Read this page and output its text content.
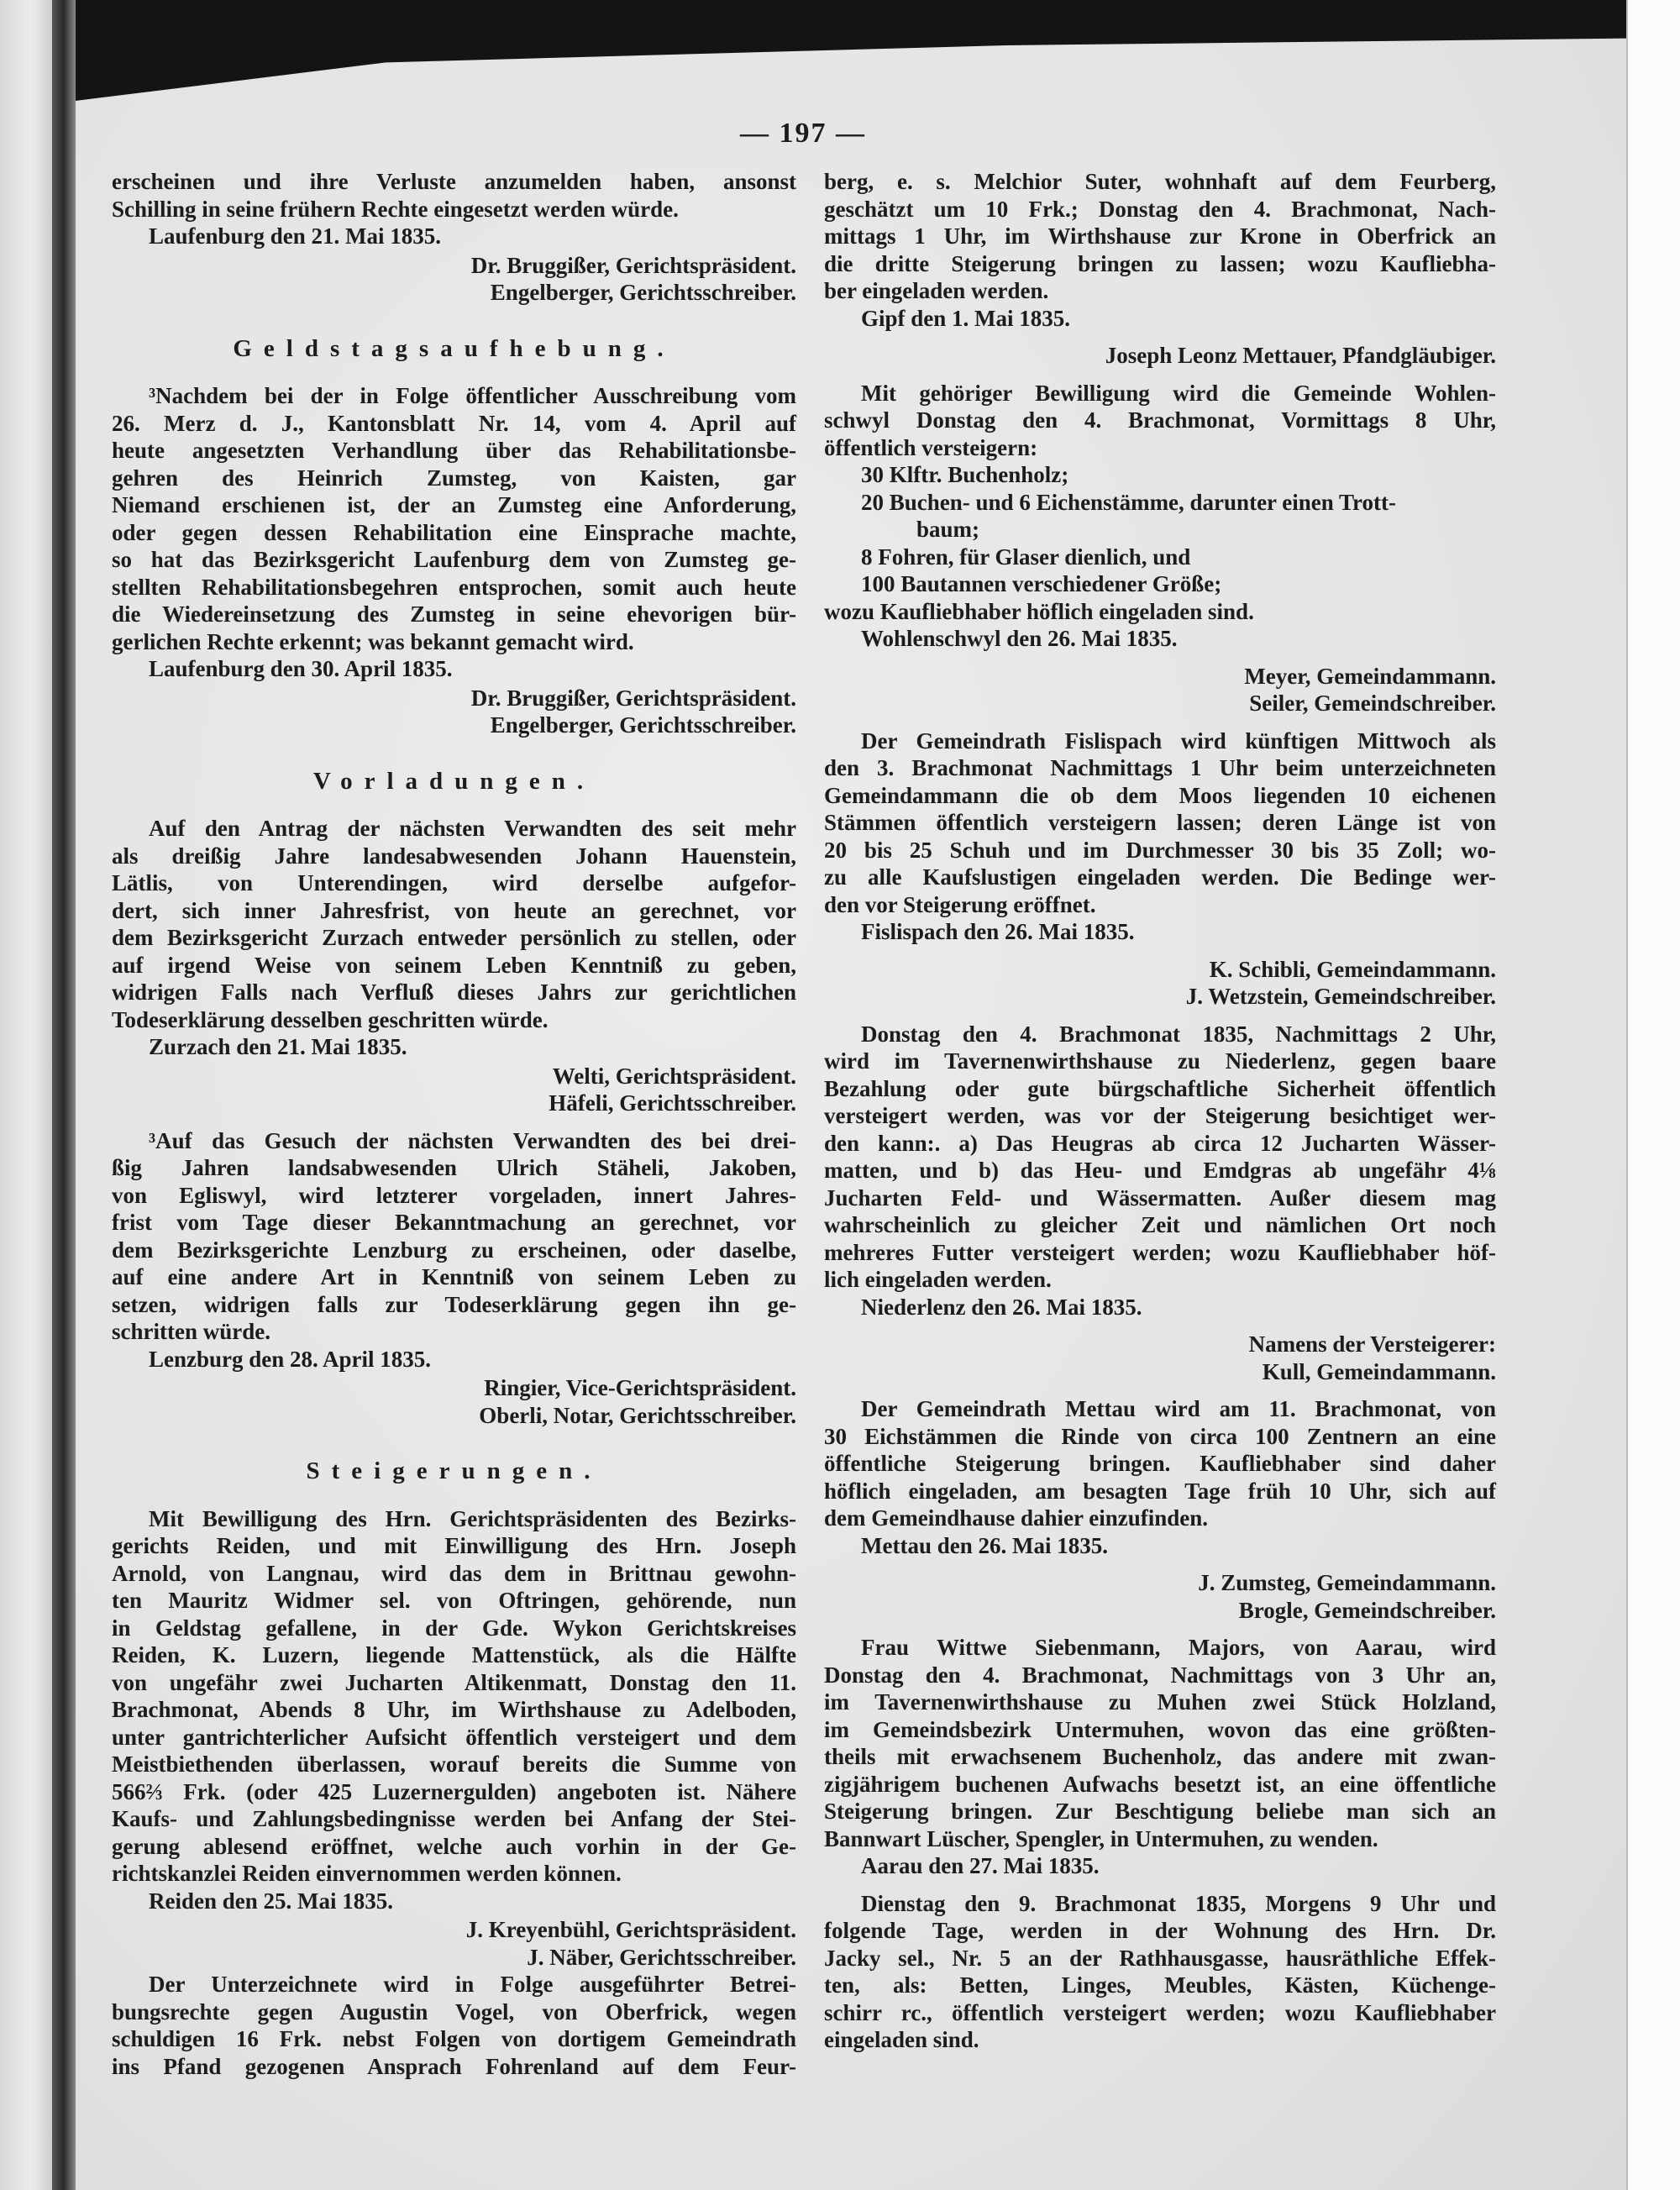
— 197 —
erscheinen und ihre Verluste anzumelden haben, ansonst
Schilling in seine frühern Rechte eingesetzt werden würde.
Laufenburg den 21. Mai 1835.
Dr. Bruggißer, Gerichtspräsident.
Engelberger, Gerichtsschreiber.
Geldstagsaufhebung.
³Nachdem bei der in Folge öffentlicher Ausschreibung vom
26. Merz d. J., Kantonsblatt Nr. 14, vom 4. April auf
heute angesetzten Verhandlung über das Rehabilitationsbe-
gehren des Heinrich Zumsteg, von Kaisten, gar
Niemand erschienen ist, der an Zumsteg eine Anforderung,
oder gegen dessen Rehabilitation eine Einsprache machte,
so hat das Bezirksgericht Laufenburg dem von Zumsteg ge-
stellten Rehabilitationsbegehren entsprochen, somit auch heute
die Wiedereinsetzung des Zumsteg in seine ehevorigen bür-
gerlichen Rechte erkennt; was bekannt gemacht wird.
Laufenburg den 30. April 1835.
Dr. Bruggißer, Gerichtspräsident.
Engelberger, Gerichtsschreiber.
Vorladungen.
Auf den Antrag der nächsten Verwandten des seit mehr
als dreißig Jahre landesabwesenden Johann Hauenstein,
Lätlis, von Unterendingen, wird derselbe aufgefor-
dert, sich inner Jahresfrist, von heute an gerechnet, vor
dem Bezirksgericht Zurzach entweder persönlich zu stellen, oder
auf irgend Weise von seinem Leben Kenntniß zu geben,
widrigen Falls nach Verfluß dieses Jahrs zur gerichtlichen
Todeserklärung desselben geschritten würde.
Zurzach den 21. Mai 1835.
Welti, Gerichtspräsident.
Häfeli, Gerichtsschreiber.
³Auf das Gesuch der nächsten Verwandten des bei drei-
ßig Jahren landsabwesenden Ulrich Stäheli, Jakoben,
von Egliswyl, wird letzterer vorgeladen, innert Jahres-
frist vom Tage dieser Bekanntmachung an gerechnet, vor
dem Bezirksgerichte Lenzburg zu erscheinen, oder daselbe,
auf eine andere Art in Kenntniß von seinem Leben zu
setzen, widrigen falls zur Todeserklärung gegen ihn ge-
schritten würde.
Lenzburg den 28. April 1835.
Ringier, Vice-Gerichtspräsident.
Oberli, Notar, Gerichtsschreiber.
Steigerungen.
Mit Bewilligung des Hrn. Gerichtspräsidenten des Bezirks-
gerichts Reiden, und mit Einwilligung des Hrn. Joseph
Arnold, von Langnau, wird das dem in Brittnau gewohn-
ten Mauritz Widmer sel. von Oftringen, gehörende, nun
in Geldstag gefallene, in der Gde. Wykon Gerichtskreises
Reiden, K. Luzern, liegende Mattenstück, als die Hälfte
von ungefähr zwei Jucharten Altikenmatt, Donstag den 11.
Brachmonat, Abends 8 Uhr, im Wirthshause zu Adelboden,
unter gantrichterlicher Aufsicht öffentlich versteigert und dem
Meistbiethenden überlassen, worauf bereits die Summe von
566⅔ Frk. (oder 425 Luzernergulden) angeboten ist. Nähere
Kaufs- und Zahlungsbedingnisse werden bei Anfang der Stei-
gerung ablesend eröffnet, welche auch vorhin in der Ge-
richtskanzlei Reiden einvernommen werden können.
Reiden den 25. Mai 1835.
J. Kreyenbühl, Gerichtspräsident.
J. Näber, Gerichtsschreiber.
Der Unterzeichnete wird in Folge ausgeführter Betrei-
bungsrechte gegen Augustin Vogel, von Oberfrick, wegen
schuldigen 16 Frk. nebst Folgen von dortigem Gemeindrath
ins Pfand gezogenen Ansprach Fohrenland auf dem Feur-
berg, e. s. Melchior Suter, wohnhaft auf dem Feurberg,
geschätzt um 10 Frk.; Donstag den 4. Brachmonat, Nach-
mittags 1 Uhr, im Wirthshause zur Krone in Oberfrick an
die dritte Steigerung bringen zu lassen; wozu Kaufliebha-
ber eingeladen werden.
Gipf den 1. Mai 1835.
Joseph Leonz Mettauer, Pfandgläubiger.
Mit gehöriger Bewilligung wird die Gemeinde Wohlen-
schwyl Donstag den 4. Brachmonat, Vormittags 8 Uhr,
öffentlich versteigern:
30 Klftr. Buchenholz;
20 Buchen- und 6 Eichenstämme, darunter einen Trott-
baum;
8 Fohren, für Glaser dienlich, und
100 Bautannen verschiedener Größe;
wozu Kaufliebhaber höflich eingeladen sind.
Wohlenschwyl den 26. Mai 1835.
Meyer, Gemeindammann.
Seiler, Gemeindschreiber.
Der Gemeindrath Fislispach wird künftigen Mittwoch als
den 3. Brachmonat Nachmittags 1 Uhr beim unterzeichneten
Gemeindammann die ob dem Moos liegenden 10 eichenen
Stämmen öffentlich versteigern lassen; deren Länge ist von
20 bis 25 Schuh und im Durchmesser 30 bis 35 Zoll; wo-
zu alle Kaufslustigen eingeladen werden. Die Bedinge wer-
den vor Steigerung eröffnet.
Fislispach den 26. Mai 1835.
K. Schibli, Gemeindammann.
J. Wetzstein, Gemeindschreiber.
Donstag den 4. Brachmonat 1835, Nachmittags 2 Uhr,
wird im Tavernenwirthshause zu Niederlenz, gegen baare
Bezahlung oder gute bürgschaftliche Sicherheit öffentlich
versteigert werden, was vor der Steigerung besichtiget wer-
den kann:. a) Das Heugras ab circa 12 Jucharten Wässer-
matten, und b) das Heu- und Emdgras ab ungefähr 4⅛
Jucharten Feld- und Wässermatten. Außer diesem mag
wahrscheinlich zu gleicher Zeit und nämlichen Ort noch
mehreres Futter versteigert werden; wozu Kaufliebhaber höf-
lich eingeladen werden.
Niederlenz den 26. Mai 1835.
Namens der Versteigerer:
Kull, Gemeindammann.
Der Gemeindrath Mettau wird am 11. Brachmonat, von
30 Eichstämmen die Rinde von circa 100 Zentnern an eine
öffentliche Steigerung bringen. Kaufliebhaber sind daher
höflich eingeladen, am besagten Tage früh 10 Uhr, sich auf
dem Gemeindhause dahier einzufinden.
Mettau den 26. Mai 1835.
J. Zumsteg, Gemeindammann.
Brogle, Gemeindschreiber.
Frau Wittwe Siebenmann, Majors, von Aarau, wird
Donstag den 4. Brachmonat, Nachmittags von 3 Uhr an,
im Tavernenwirthshause zu Muhen zwei Stück Holzland,
im Gemeindsbezirk Untermuhen, wovon das eine größten-
theils mit erwachsenem Buchenholz, das andere mit zwan-
zigjährigem buchenen Aufwachs besetzt ist, an eine öffentliche
Steigerung bringen. Zur Beschtigung beliebe man sich an
Bannwart Lüscher, Spengler, in Untermuhen, zu wenden.
Aarau den 27. Mai 1835.
Dienstag den 9. Brachmonat 1835, Morgens 9 Uhr und
folgende Tage, werden in der Wohnung des Hrn. Dr.
Jacky sel., Nr. 5 an der Rathhausgasse, hausräthliche Effek-
ten, als: Betten, Linges, Meubles, Kästen, Küchenge-
schirr rc., öffentlich versteigert werden; wozu Kaufliebhaber
eingeladen sind.
